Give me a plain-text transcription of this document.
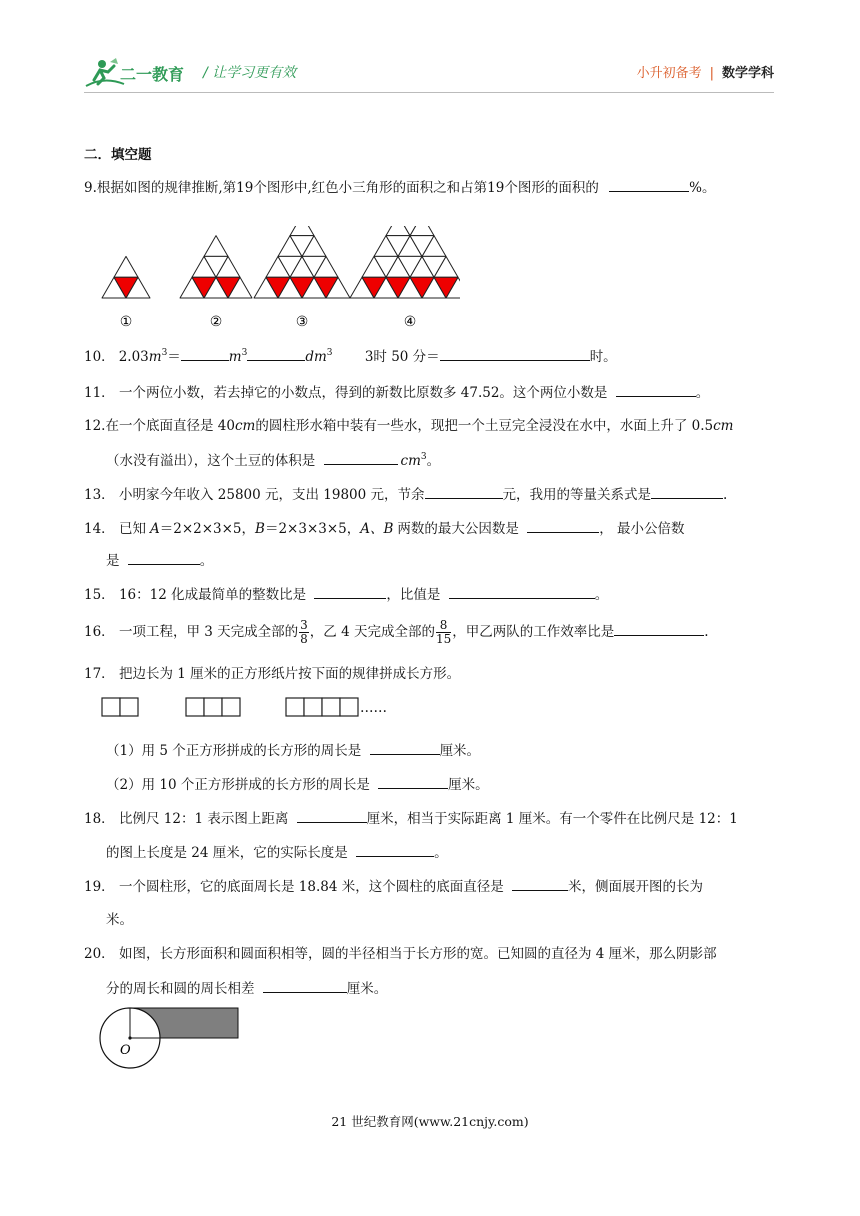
二一教育 / 让学习更有效	小升初备考 | 数学学科
二．填空题
9.根据如图的规律推断,第19个图形中,红色小三角形的面积之和占第19个图形的面积的	%。
①	②	③	④
10． $2.03m^3=$	$m^3$	$dm^3$ 3时 50 分＝	时。
11． 一个两位小数，若去掉它的小数点，得到的新数比原数多 47.52。这个两位小数是	。
12.在一个底面直径是 40cm的圆柱形水箱中装有一些水，现把一个土豆完全浸没在水中，水面上升了 0.5cm
（水没有溢出），这个土豆的体积是	$cm^3$。
13． 小明家今年收入 25800 元，支出 19800 元，节余	元，我用的等量关系式是	.
14． 已知 A＝2×2×3×5，B＝2×3×3×5，A、B 两数的最大公因数是	， 最小公倍数
是	。
15． 16：12 化成最简单的整数比是	，比值是	。
16． 一项工程，甲 3 天完成全部的 $\frac{3}{8}$ ，乙 4 天完成全部的 $\frac{8}{15}$ ，甲乙两队的工作效率比是	.
17． 把边长为 1 厘米的正方形纸片按下面的规律拼成长方形。
……
（1）用 5 个正方形拼成的长方形的周长是	厘米。
（2）用 10 个正方形拼成的长方形的周长是	厘米。
18． 比例尺 12：1 表示图上距离	厘米，相当于实际距离 1 厘米。有一个零件在比例尺是 12：1
的图上长度是 24 厘米，它的实际长度是	。
19． 一个圆柱形，它的底面周长是 18.84 米，这个圆柱的底面直径是	米，侧面展开图的长为
米。
20． 如图，长方形面积和圆面积相等，圆的半径相当于长方形的宽。已知圆的直径为 4 厘米，那么阴影部
分的周长和圆的周长相差	厘米。
O
21 世纪教育网(www.21cnjy.com)
